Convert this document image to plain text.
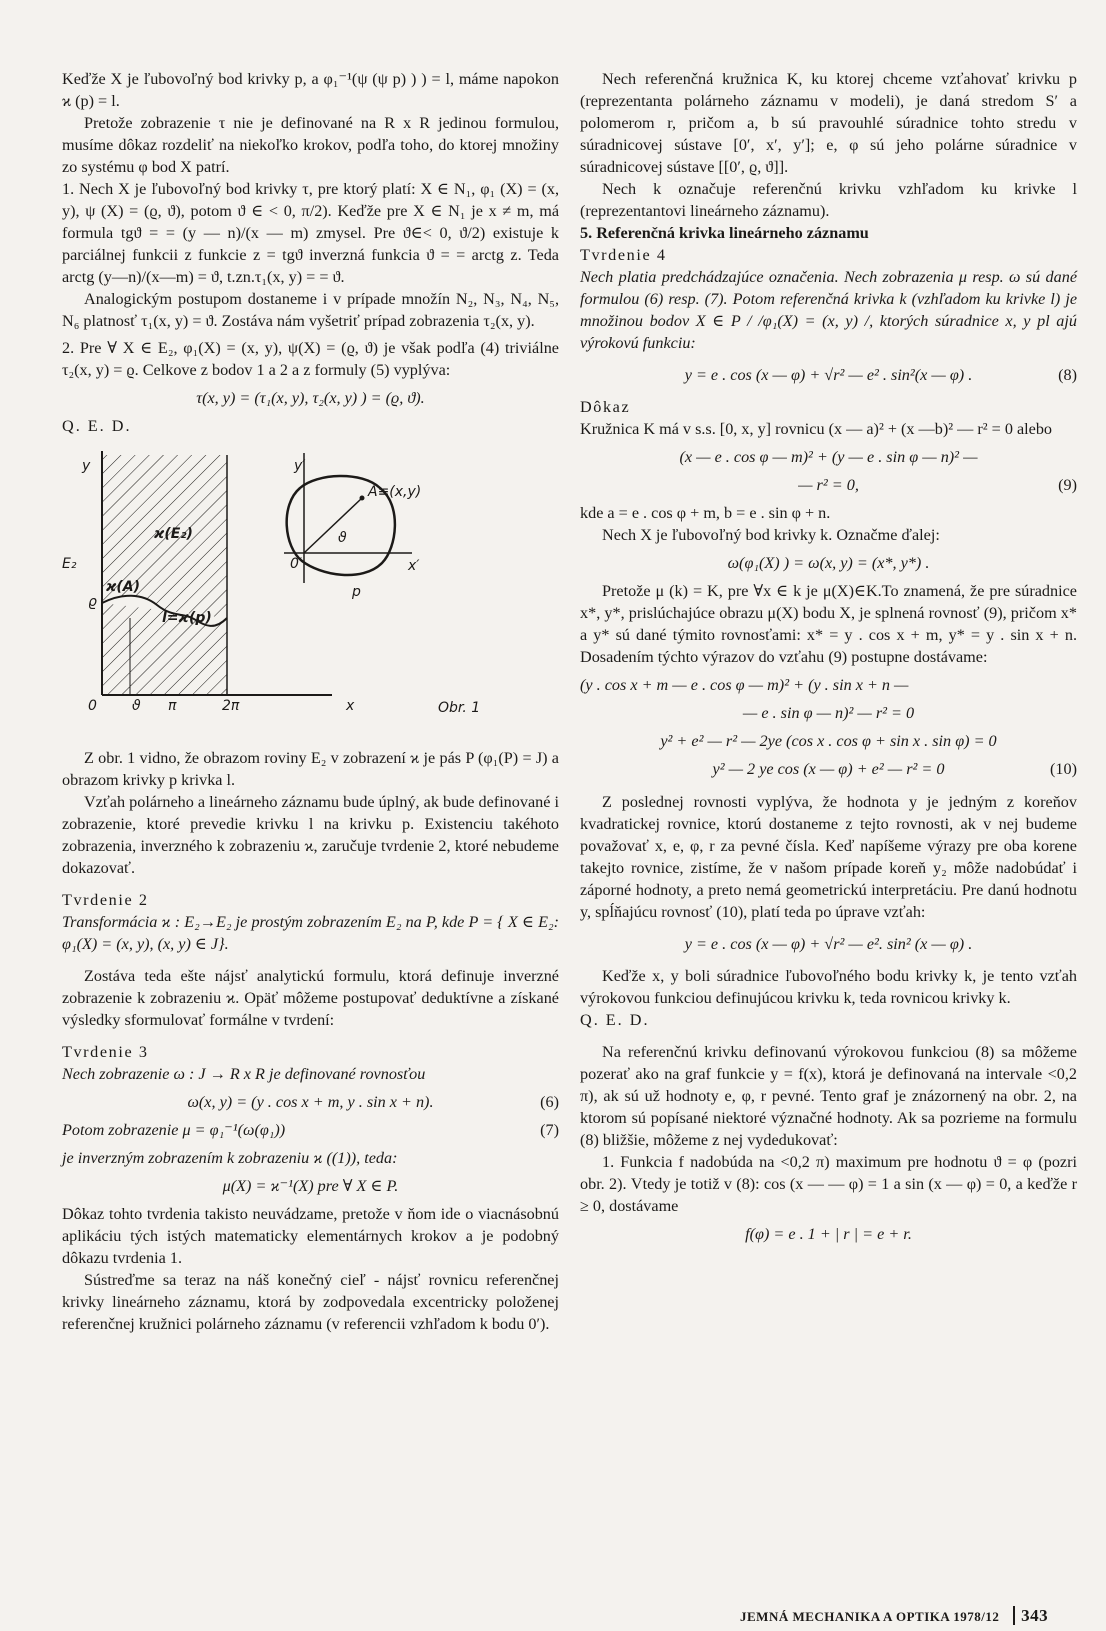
Keďže X je ľubovoľný bod krivky p, a φ₁⁻¹(ψ (ψ p) ) ) = l, máme napokon ϰ (p) = l.

Pretože zobrazenie τ nie je definované na R x R jedinou formulou, musíme dôkaz rozdeliť na niekoľko krokov, podľa toho, do ktorej množiny zo systému φ bod X patrí.

1. Nech X je ľubovoľný bod krivky τ, pre ktorý platí: X ∈ N₁, φ₁ (X) = (x, y), ψ (X) = (ϱ, ϑ), potom ϑ ∈ < 0, π/2). Keďže pre X ∈ N₁ je x ≠ m, má formula tgϑ = = (y — n)/(x — m) zmysel. Pre ϑ∈< 0, ϑ/2) existuje k parciálnej funkcii z funkcie z = tgϑ inverzná funkcia ϑ = = arctg z. Teda arctg (y—n)/(x—m) = ϑ, t.zn.τ₁(x, y) = = ϑ.

Analogickým postupom dostaneme i v prípade množín N₂, N₃, N₄, N₅, N₆ platnosť τ₁(x, y) = ϑ. Zostáva nám vyšetriť prípad zobrazenia τ₂(x, y).

2. Pre ∀ X ∈ E₂, φ₁(X) = (x, y), ψ(X) = (ϱ, ϑ) je však podľa (4) triviálne τ₂(x, y) = ϱ. Celkove z bodov 1 a 2 a z formuly (5) vyplýva:

τ(x, y) = (τ₁(x, y), τ₂(x, y) ) = (ϱ, ϑ).

Q. E. D.

y
E₂
ϰ(E₂)
ϰ(A)
l=ϰ(p)
ϱ
0	ϑ π	2π	x
y′
0′	x′
A≡(x,y)
ϑ
p
Obr. 1

Z obr. 1 vidno, že obrazom roviny E₂ v zobrazení ϰ je pás P (φ₁(P) = J) a obrazom krivky p krivka l.

Vzťah polárneho a lineárneho záznamu bude úplný, ak bude definované i zobrazenie, ktoré prevedie krivku l na krivku p. Existenciu takéhoto zobrazenia, inverzného k zobrazeniu ϰ, zaručuje tvrdenie 2, ktoré nebudeme dokazovať.

Tvrdenie 2

Transformácia ϰ : E₂→E₂ je prostým zobrazením E₂ na P, kde P = { X ∈ E₂: φ₁(X) = (x, y), (x, y) ∈ J}.

Zostáva teda ešte nájsť analytickú formulu, ktorá definuje inverzné zobrazenie k zobrazeniu ϰ. Opäť môžeme postupovať deduktívne a získané výsledky sformulovať formálne v tvrdení:

Tvrdenie 3

Nech zobrazenie ω : J → R x R je definované rovnosťou

ω(x, y) = (y . cos x + m, y . sin x + n).	(6)
Potom zobrazenie μ = φ₁⁻¹(ω(φ₁))	(7)

je inverzným zobrazením k zobrazeniu ϰ ((1)), teda:

μ(X) = ϰ⁻¹(X) pre ∀ X ∈ P.

Dôkaz tohto tvrdenia takisto neuvádzame, pretože v ňom ide o viacnásobnú aplikáciu tých istých matematicky elementárnych krokov a je podobný dôkazu tvrdenia 1.

Sústreďme sa teraz na náš konečný cieľ - nájsť rovnicu referenčnej krivky lineárneho záznamu, ktorá by zodpovedala excentricky položenej referenčnej kružnici polárneho záznamu (v referencii vzhľadom k bodu 0′).

Nech referenčná kružnica K, ku ktorej chceme vzťahovať krivku p (reprezentanta polárneho záznamu v modeli), je daná stredom S′ a polomerom r, pričom a, b sú pravouhlé súradnice tohto stredu v súradnicovej sústave [0′, x′, y′]; e, φ sú jeho polárne súradnice v súradnicovej sústave [[0′, ϱ, ϑ]].

Nech k označuje referenčnú krivku vzhľadom ku krivke l (reprezentantovi lineárneho záznamu).

5. Referenčná krivka lineárneho záznamu

Tvrdenie 4

Nech platia predchádzajúce označenia. Nech zobrazenia μ resp. ω sú dané formulou (6) resp. (7). Potom referenčná krivka k (vzhľadom ku krivke l) je množinou bodov X ∈ P / /φ₁(X) = (x, y) /, ktorých súradnice x, y pl ajú výrokovú funkciu:

y = e . cos (x — φ) + √r² — e² . sin²(x — φ) .	(8)

Dôkaz

Kružnica K má v s.s. [0, x, y] rovnicu (x — a)² + (x —b)² — r² = 0 alebo

(x — e . cos φ — m)² + (y — e . sin φ — n)² —
— r² = 0,	(9)

kde a = e . cos φ + m, b = e . sin φ + n.

Nech X je ľubovoľný bod krivky k. Označme ďalej:

ω(φ₁(X) ) = ω(x, y) = (x*, y*) .

Pretože μ (k) = K, pre ∀x ∈ k je μ(X)∈K.To znamená, že pre súradnice x*, y*, prislúchajúce obrazu μ(X) bodu X, je splnená rovnosť (9), pričom x* a y* sú dané týmito rovnosťami: x* = y . cos x + m, y* = y . sin x + n. Dosadením týchto výrazov do vzťahu (9) postupne dostávame:

(y . cos x + m — e . cos φ — m)² + (y . sin x + n —
— e . sin φ — n)² — r² = 0
y² + e² — r² — 2ye (cos x . cos φ + sin x . sin φ) = 0
y² — 2 ye cos (x — φ) + e² — r² = 0	(10)

Z poslednej rovnosti vyplýva, že hodnota y je jedným z koreňov kvadratickej rovnice, ktorú dostaneme z tejto rovnosti, ak v nej budeme považovať x, e, φ, r za pevné čísla. Keď napíšeme výrazy pre oba korene takejto rovnice, zistíme, že v našom prípade koreň y₂ môže nadobúdať i záporné hodnoty, a preto nemá geometrickú interpretáciu. Pre danú hodnotu y, spĺňajúcu rovnosť (10), platí teda po úprave vzťah:

y = e . cos (x — φ) + √r² — e². sin² (x — φ) .

Keďže x, y boli súradnice ľubovoľného bodu krivky k, je tento vzťah výrokovou funkciou definujúcou krivku k, teda rovnicou krivky k.

Q. E. D.

Na referenčnú krivku definovanú výrokovou funkciou (8) sa môžeme pozerať ako na graf funkcie y = f(x), ktorá je definovaná na intervale <0,2 π), ak sú už hodnoty e, φ, r pevné. Tento graf je znázornený na obr. 2, na ktorom sú popísané niektoré význačné hodnoty. Ak sa pozrieme na formulu (8) bližšie, môžeme z nej vydedukovať:

1. Funkcia f nadobúda na <0,2 π) maximum pre hodnotu ϑ = φ (pozri obr. 2). Vtedy je totiž v (8): cos (x — — φ) = 1 a sin (x — φ) = 0, a keďže r ≥ 0, dostávame

f(φ) = e . 1 + | r | = e + r.
JEMNÁ MECHANIKA A OPTIKA 1978/12 343
